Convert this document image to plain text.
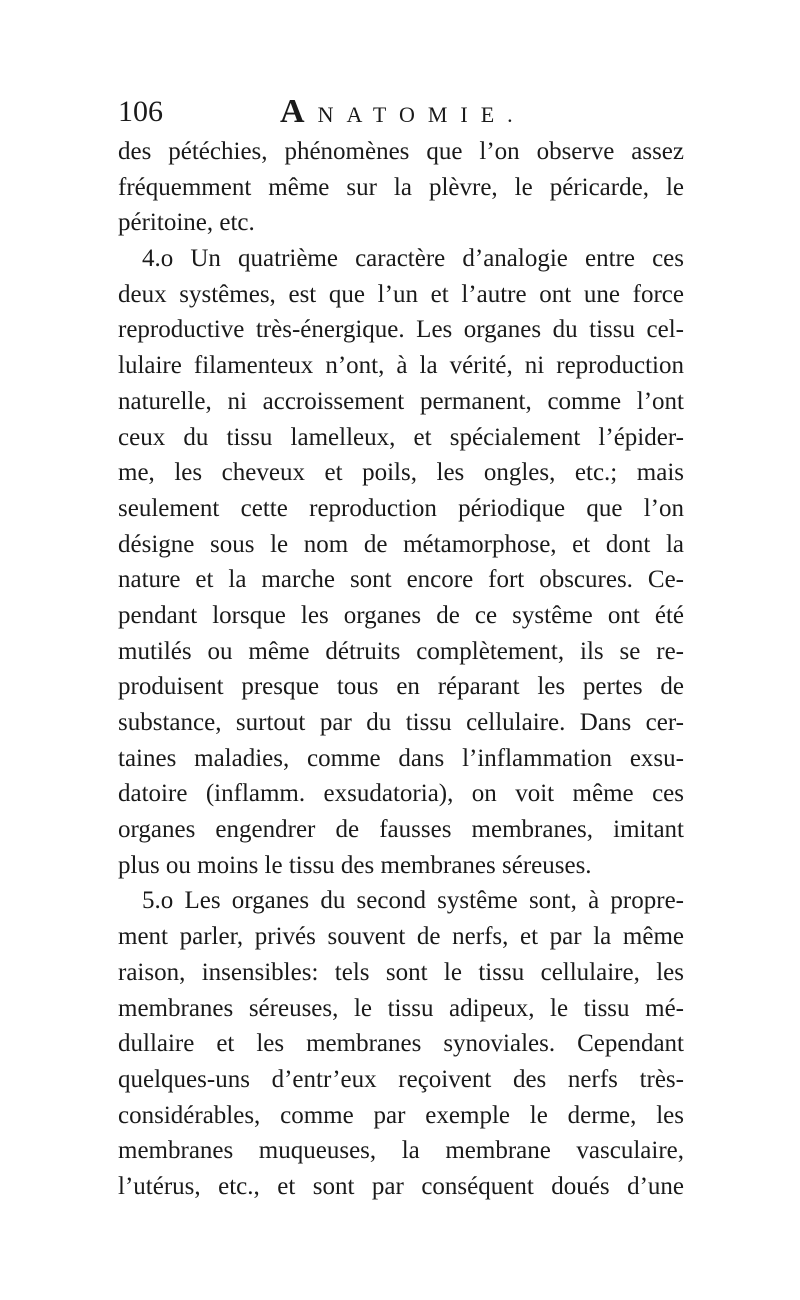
106	ANATOMIE.
des pétéchies, phénomènes que l’on observe assez
fréquemment même sur la plèvre, le péricarde, le
péritoine, etc.
4.o Un quatrième caractère d’analogie entre ces
deux systêmes, est que l’un et l’autre ont une force
reproductive très-énergique. Les organes du tissu cel-
lulaire filamenteux n’ont, à la vérité, ni reproduction
naturelle, ni accroissement permanent, comme l’ont
ceux du tissu lamelleux, et spécialement l’épider-
me, les cheveux et poils, les ongles, etc.; mais
seulement cette reproduction périodique que l’on
désigne sous le nom de métamorphose, et dont la
nature et la marche sont encore fort obscures. Ce-
pendant lorsque les organes de ce systême ont été
mutilés ou même détruits complètement, ils se re-
produisent presque tous en réparant les pertes de
substance, surtout par du tissu cellulaire. Dans cer-
taines maladies, comme dans l’inflammation exsu-
datoire (inflamm. exsudatoria), on voit même ces
organes engendrer de fausses membranes, imitant
plus ou moins le tissu des membranes séreuses.
5.o Les organes du second systême sont, à propre-
ment parler, privés souvent de nerfs, et par la même
raison, insensibles: tels sont le tissu cellulaire, les
membranes séreuses, le tissu adipeux, le tissu mé-
dullaire et les membranes synoviales. Cependant
quelques-uns d’entr’eux reçoivent des nerfs très-
considérables, comme par exemple le derme, les
membranes muqueuses, la membrane vasculaire,
l’utérus, etc., et sont par conséquent doués d’une
